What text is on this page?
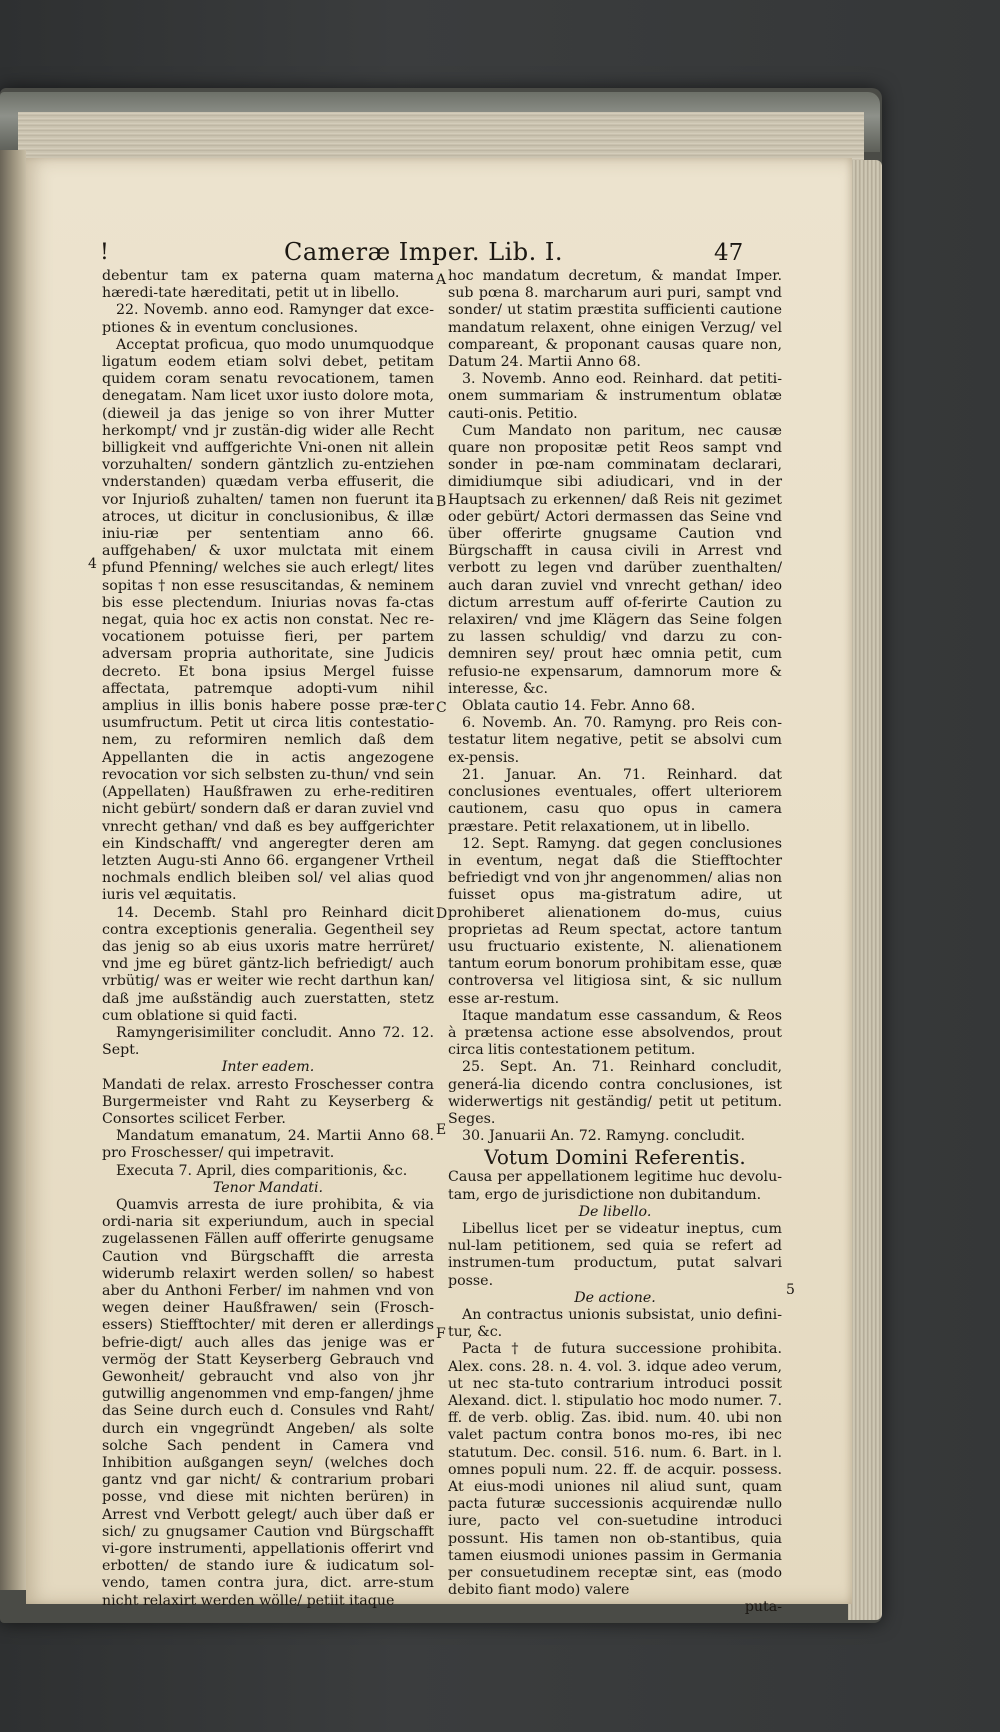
!	Cameræ Imper. Lib. I.	47

debentur tam ex paterna quam materna hæredi-tate hæreditati, petit ut in libello.

22. Novemb. anno eod. Ramynger dat exce-ptiones & in eventum conclusiones.

Acceptat proficua, quo modo unumquodque ligatum eodem etiam solvi debet, petitam quidem coram senatu revocationem, tamen denegatam. Nam licet uxor iusto dolore mota, (dieweil ja das jenige so von ihrer Mutter herkompt/ vnd jr zustän-dig wider alle Recht billigkeit vnd auffgerichte Vni-onen nit allein vorzuhalten/ sondern gäntzlich zu-entziehen vnderstanden) quædam verba effuserit, die vor Injurioß zuhalten/ tamen non fuerunt ita atroces, ut dicitur in conclusionibus, & illæ iniu-riæ per sententiam anno 66. auffgehaben/ & uxor mulctata mit einem pfund Pfenning/ welches sie auch erlegt/ lites sopitas † non esse resuscitandas, & neminem bis esse plectendum. Iniurias novas fa-ctas negat, quia hoc ex actis non constat. Nec re-vocationem potuisse fieri, per partem adversam propria authoritate, sine Judicis decreto. Et bona ipsius Mergel fuisse affectata, patremque adopti-vum nihil amplius in illis bonis habere posse præ-ter usumfructum. Petit ut circa litis contestatio-nem, zu reformiren nemlich daß dem Appellanten die in actis angezogene revocation vor sich selbsten zu-thun/ vnd sein (Appellaten) Haußfrawen zu erhe-reditiren nicht gebürt/ sondern daß er daran zuviel vnd vnrecht gethan/ vnd daß es bey auffgerichter ein Kindschafft/ vnd angeregter deren am letzten Augu-sti Anno 66. ergangener Vrtheil nochmals endlich bleiben sol/ vel alias quod iuris vel æquitatis.

14. Decemb. Stahl pro Reinhard dicit contra exceptionis generalia. Gegentheil sey das jenig so ab eius uxoris matre herrüret/ vnd jme eg büret gäntz-lich befriedigt/ auch vrbütig/ was er weiter wie recht darthun kan/ daß jme außständig auch zuerstatten, stetz cum oblatione si quid facti.

Ramyngerisimiliter concludit. Anno 72. 12. Sept.

Inter eadem.

Mandati de relax. arresto Froschesser contra Burgermeister vnd Raht zu Keyserberg & Consortes scilicet Ferber.

Mandatum emanatum, 24. Martii Anno 68. pro Froschesser/ qui impetravit.

Executa 7. April, dies comparitionis, &c.

Tenor Mandati.

Quamvis arresta de iure prohibita, & via ordi-naria sit experiundum, auch in special zugelassenen Fällen auff offerirte genugsame Caution vnd Bürgschafft die arresta widerumb relaxirt werden sollen/ so habest aber du Anthoni Ferber/ im nahmen vnd von wegen deiner Haußfrawen/ sein (Frosch-essers) Stiefftochter/ mit deren er allerdings befrie-digt/ auch alles das jenige was er vermög der Statt Keyserberg Gebrauch vnd Gewonheit/ gebraucht vnd also von jhr gutwillig angenommen vnd emp-fangen/ jhme das Seine durch euch d. Consules vnd Raht/ durch ein vngegründt Angeben/ als solte solche Sach pendent in Camera vnd Inhibition außgangen seyn/ (welches doch gantz vnd gar nicht/ & contrarium probari posse, vnd diese mit nichten berüren) in Arrest vnd Verbott gelegt/ auch über daß er sich/ zu gnugsamer Caution vnd Bürgschafft vi-gore instrumenti, appellationis offerirt vnd erbotten/ de stando iure & iudicatum sol-vendo, tamen contra jura, dict. arre-stum nicht relaxirt werden wölle/ petiit itaque

hoc mandatum decretum, & mandat Imper. sub pœna 8. marcharum auri puri, sampt vnd sonder/ ut statim præstita sufficienti cautione mandatum relaxent, ohne einigen Verzug/ vel compareant, & proponant causas quare non, Datum 24. Martii Anno 68.

3. Novemb. Anno eod. Reinhard. dat petiti-onem summariam & instrumentum oblatæ cauti-onis. Petitio.

Cum Mandato non paritum, nec causæ quare non propositæ petit Reos sampt vnd sonder in pœ-nam comminatam declarari, dimidiumque sibi adiudicari, vnd in der Hauptsach zu erkennen/ daß Reis nit gezimet oder gebürt/ Actori dermassen das Seine vnd über offerirte gnugsame Caution vnd Bürgschafft in causa civili in Arrest vnd verbott zu legen vnd darüber zuenthalten/ auch daran zuviel vnd vnrecht gethan/ ideo dictum arrestum auff of-ferirte Caution zu relaxiren/ vnd jme Klägern das Seine folgen zu lassen schuldig/ vnd darzu zu con-demniren sey/ prout hæc omnia petit, cum refusio-ne expensarum, damnorum more & interesse, &c.

Oblata cautio 14. Febr. Anno 68.

6. Novemb. An. 70. Ramyng. pro Reis con-testatur litem negative, petit se absolvi cum ex-pensis.

21. Januar. An. 71. Reinhard. dat conclusiones eventuales, offert ulteriorem cautionem, casu quo opus in camera præstare. Petit relaxationem, ut in libello.

12. Sept. Ramyng. dat gegen conclusiones in eventum, negat daß die Stiefftochter befriedigt vnd von jhr angenommen/ alias non fuisset opus ma-gistratum adire, ut prohiberet alienationem do-mus, cuius proprietas ad Reum spectat, actore tantum usu fructuario existente, N. alienationem tantum eorum bonorum prohibitam esse, quæ controversa vel litigiosa sint, & sic nullum esse ar-restum.

Itaque mandatum esse cassandum, & Reos à prætensa actione esse absolvendos, prout circa litis contestationem petitum.

25. Sept. An. 71. Reinhard concludit, generá-lia dicendo contra conclusiones, ist widerwertigs nit geständig/ petit ut petitum. Seges.

30. Januarii An. 72. Ramyng. concludit.

Votum Domini Referentis.

Causa per appellationem legitime huc devolu-tam, ergo de jurisdictione non dubitandum.

De libello.

Libellus licet per se videatur ineptus, cum nul-lam petitionem, sed quia se refert ad instrumen-tum productum, putat salvari posse.

De actione.

An contractus unionis subsistat, unio defini-tur, &c.

Pacta † de futura successione prohibita. Alex. cons. 28. n. 4. vol. 3. idque adeo verum, ut nec sta-tuto contrarium introduci possit Alexand. dict. l. stipulatio hoc modo numer. 7. ff. de verb. oblig. Zas. ibid. num. 40. ubi non valet pactum contra bonos mo-res, ibi nec statutum. Dec. consil. 516. num. 6. Bart. in l. omnes populi num. 22. ff. de acquir. possess. At eius-modi uniones nil aliud sunt, quam pacta futuræ successionis acquirendæ nullo iure, pacto vel con-suetudine introduci possunt. His tamen non ob-stantibus, quia tamen eiusmodi uniones passim in Germania per consuetudinem receptæ sint, eas (modo debito fiant modo) valere

puta-

A
B
C
D
E
F
4
5
